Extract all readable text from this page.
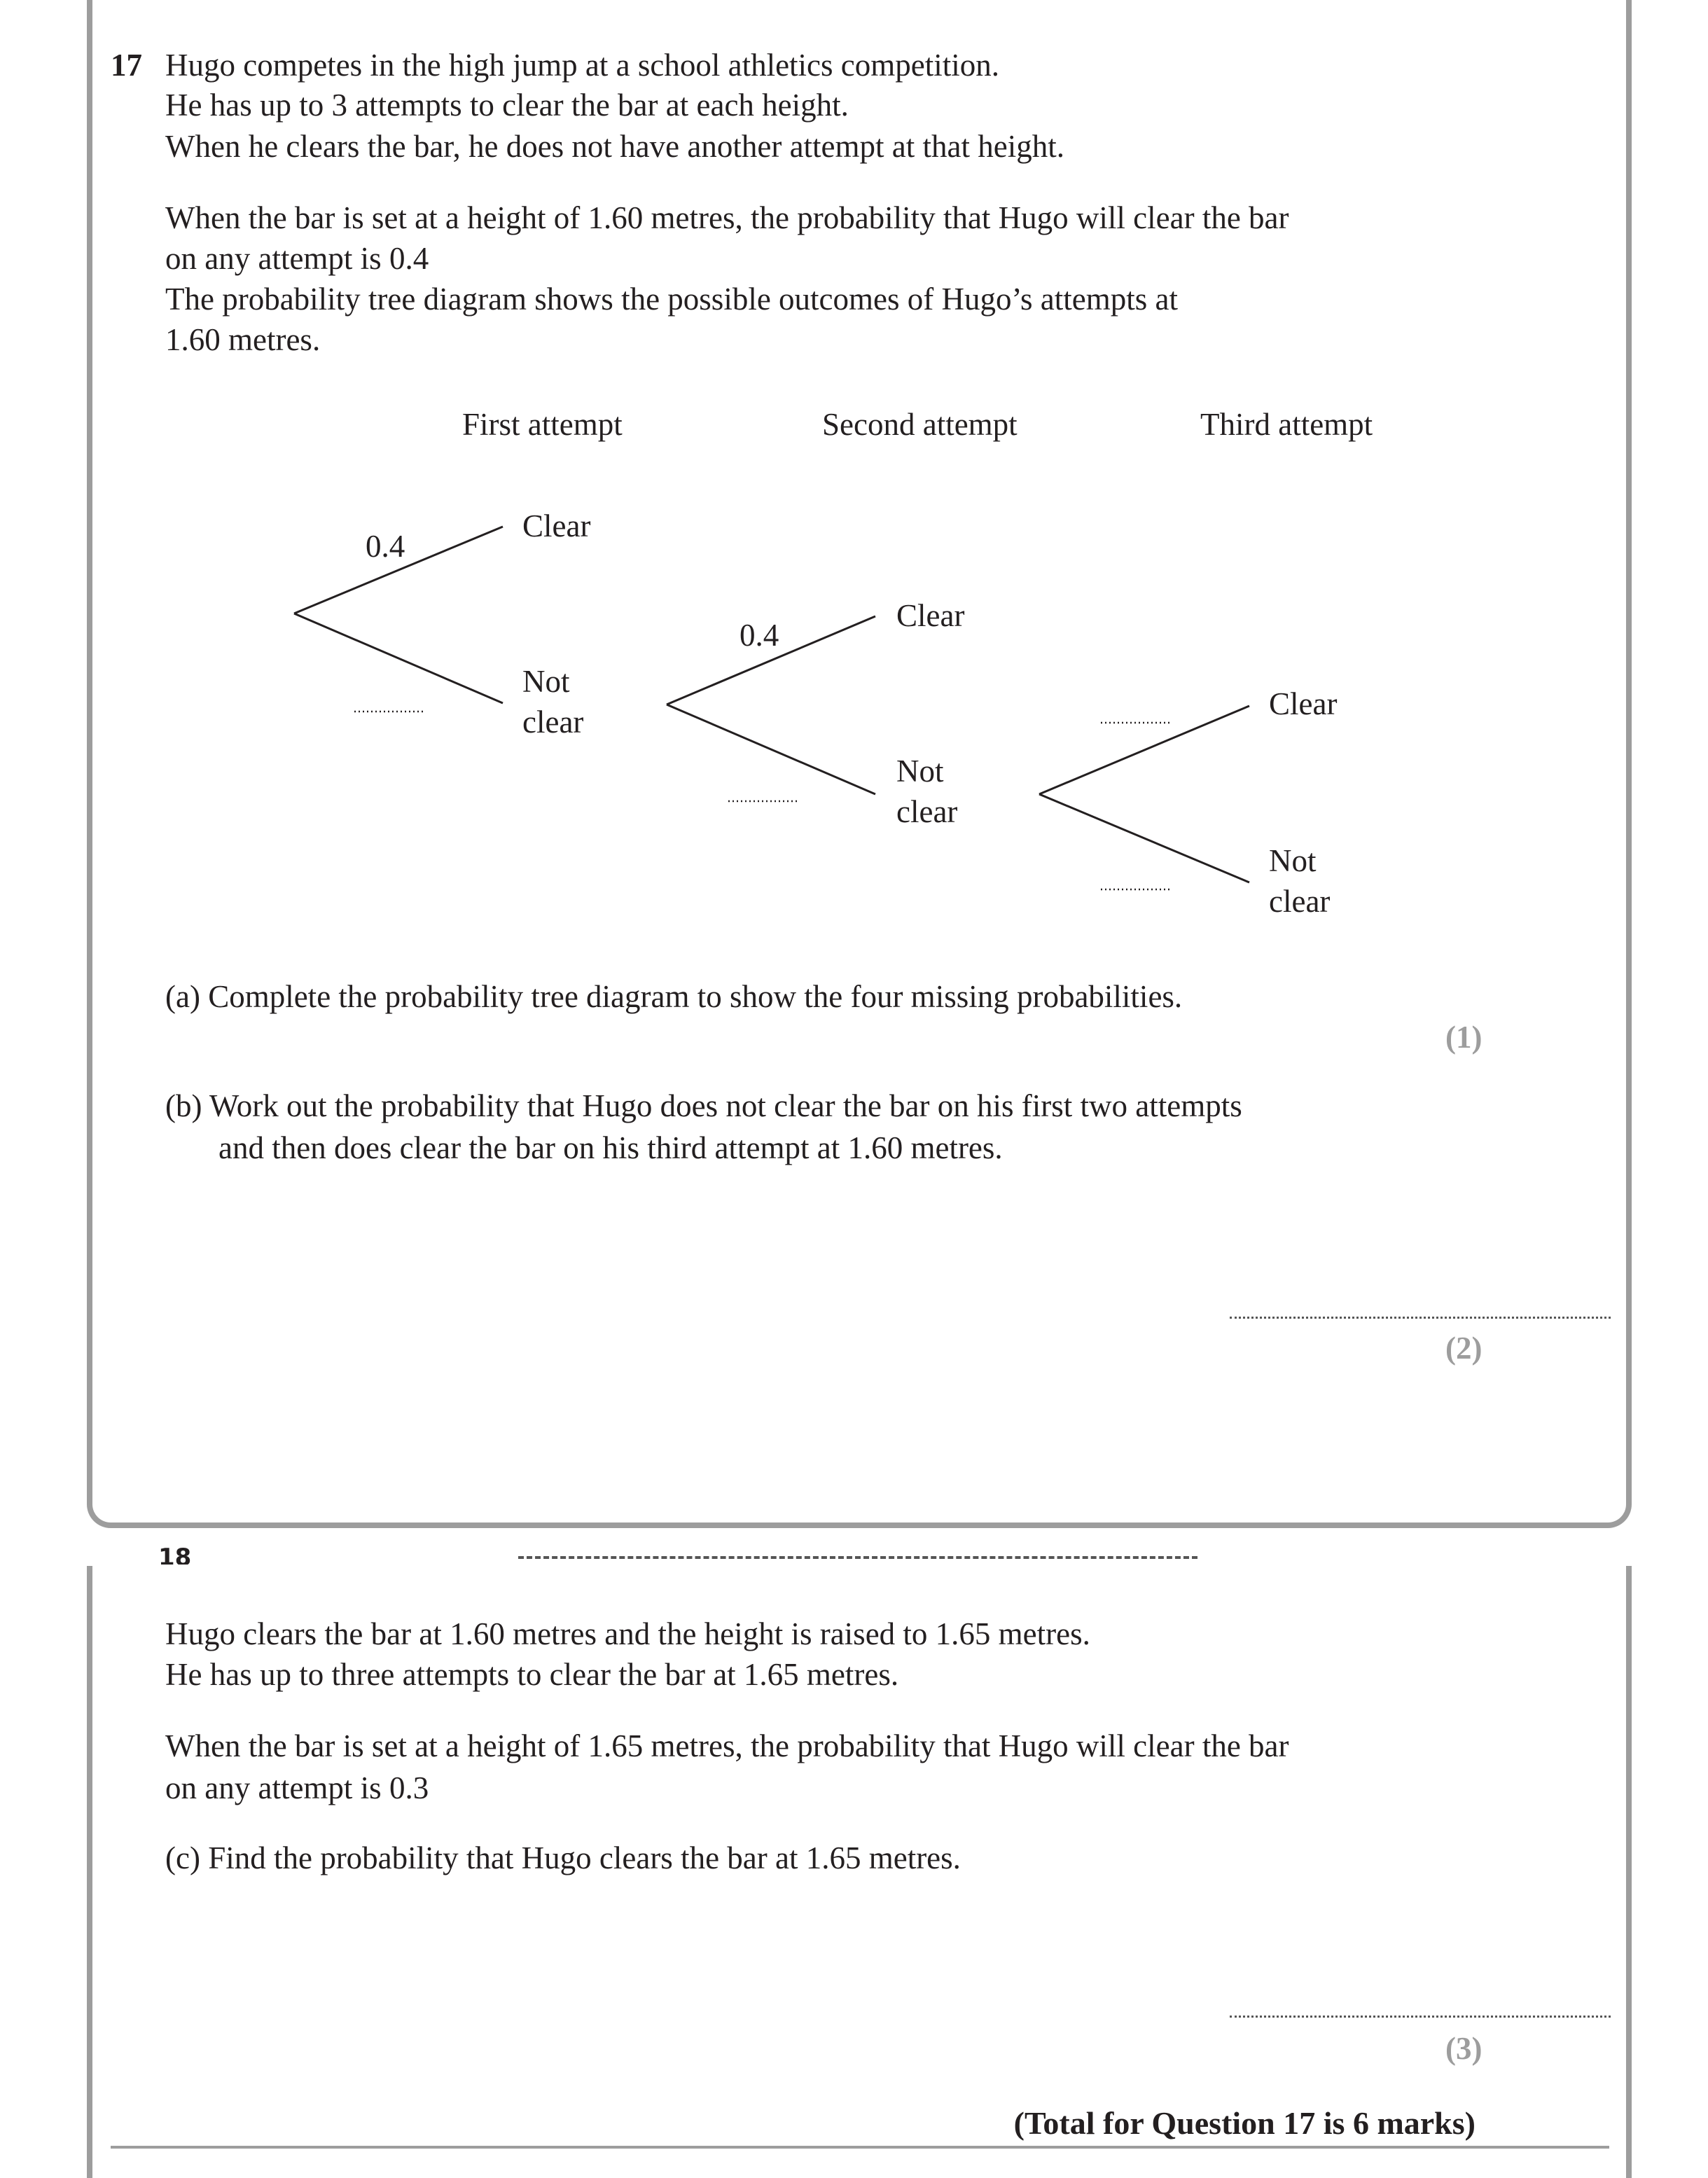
17 Hugo competes in the high jump at a school athletics competition.
He has up to 3 attempts to clear the bar at each height.
When he clears the bar, he does not have another attempt at that height.
When the bar is set at a height of 1.60 metres, the probability that Hugo will clear the bar
on any attempt is 0.4
The probability tree diagram shows the possible outcomes of Hugo’s attempts at
1.60 metres.
First attempt	Second attempt	Third attempt
0.4
Clear
Not
clear
0.4
Clear
Not
clear
Clear
Not
clear
(a) Complete the probability tree diagram to show the four missing probabilities.
(1)
(b) Work out the probability that Hugo does not clear the bar on his first two attempts
and then does clear the bar on his third attempt at 1.60 metres.
(2)
18
Hugo clears the bar at 1.60 metres and the height is raised to 1.65 metres.
He has up to three attempts to clear the bar at 1.65 metres.
When the bar is set at a height of 1.65 metres, the probability that Hugo will clear the bar
on any attempt is 0.3
(c) Find the probability that Hugo clears the bar at 1.65 metres.
(3)
(Total for Question 17 is 6 marks)
